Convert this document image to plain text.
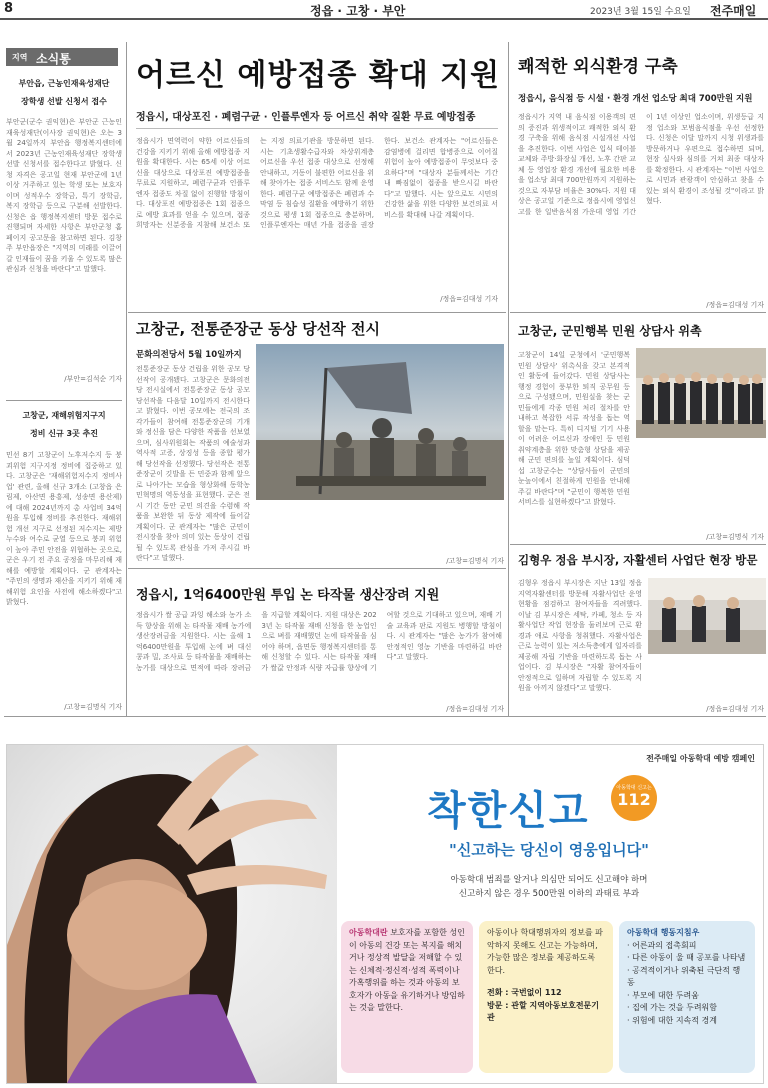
8	정읍 · 고창 · 부안	2023년 3월 15일 수요일 전주매일
지역 소식통
부안읍, 근농인재육성재단
장학생 선발 신청서 접수
부안군(군수 권익현)은 부안군 근농인재육성재단(이사장 권익현)은 오는 3월 24일까지 부안읍 행정복지센터에서 2023년 근농인재육성재단 장학생 선발 신청서를 접수한다고 밝혔다. 신청 자격은 공고일 현재 부안군에 1년 이상 거주하고 있는 학생 또는 보호자이며 성적우수 장학금, 특기 장학금, 복지 장학금 등으로 구분해 선발한다. 신청은 읍 행정복지센터 방문 접수로 진행되며 자세한 사항은 부안군청 홈페이지 공고문을 참고하면 된다. 김창주 부안읍장은 "지역의 미래를 이끌어갈 인재들이 꿈을 키울 수 있도록 많은 관심과 신청을 바란다"고 말했다.
/부안=김석순 기자
고창군, 재해위험지구지
정비 신규 3곳 추진
민선 8기 고창군이 노후저수지 등 붕괴위험 지구지정 정비에 집중하고 있다. 고창군은 '재해위험저수지 정비사업' 관련, 올해 신규 3개소 (고창읍 은림제, 아산면 용흥제, 성송면 용산제)에 대해 2024년까지 총 사업비 34억원을 투입해 정비를 추진한다. 재해위험 개선 지구로 선정된 저수지는 제방 누수와 여수로 균열 등으로 붕괴 위험이 높아 주민 안전을 위협하는 곳으로, 군은 우기 전 주요 공정을 마무리해 재해를 예방할 계획이다. 군 관계자는 "주민의 생명과 재산을 지키기 위해 재해위험 요인을 사전에 해소하겠다"고 밝혔다.
/고창=김명식 기자
어르신 예방접종 확대 지원
정읍시, 대상포진 · 폐렴구균 · 인플루엔자 등 어르신 취약 질환 무료 예방접종
정읍시가 면역력이 약한 어르신들의 건강을 지키기 위해 올해 예방접종 지원을 확대한다. 시는 65세 이상 어르신을 대상으로 대상포진 예방접종을 무료로 지원하고, 폐렴구균과 인플루엔자 접종도 차질 없이 진행할 방침이다. 대상포진 예방접종은 1회 접종으로 예방 효과를 얻을 수 있으며, 접종 희망자는 신분증을 지참해 보건소 또는 지정 의료기관을 방문하면 된다. 시는 기초생활수급자와 차상위계층 어르신을 우선 접종 대상으로 선정해 안내하고, 거동이 불편한 어르신을 위해 찾아가는 접종 서비스도 함께 운영한다. 폐렴구균 예방접종은 폐렴과 수막염 등 침습성 질환을 예방하기 위한 것으로 평생 1회 접종으로 충분하며, 인플루엔자는 매년 가을 접종을 권장한다. 보건소 관계자는 "어르신들은 감염병에 걸리면 합병증으로 이어질 위험이 높아 예방접종이 무엇보다 중요하다"며 "대상자 분들께서는 기간 내 빠짐없이 접종을 받으시길 바란다"고 말했다. 시는 앞으로도 시민의 건강한 삶을 위한 다양한 보건의료 서비스를 확대해 나갈 계획이다.
/정읍=김대성 기자
쾌적한 외식환경 구축
정읍시, 음식점 등 시설 · 환경 개선 업소당 최대 700만원 지원
정읍시가 지역 내 음식점 이용객의 편의 증진과 위생적이고 쾌적한 외식 환경 구축을 위해 음식점 시설개선 사업을 추진한다. 이번 사업은 입식 테이블 교체와 주방·화장실 개선, 노후 간판 교체 등 영업장 환경 개선에 필요한 비용을 업소당 최대 700만원까지 지원하는 것으로 자부담 비율은 30%다. 지원 대상은 공고일 기준으로 정읍시에 영업신고를 한 일반음식점 가운데 영업 기간이 1년 이상인 업소이며, 위생등급 지정 업소와 모범음식점을 우선 선정한다. 신청은 이달 말까지 시청 위생과를 방문하거나 우편으로 접수하면 되며, 현장 실사와 심의를 거쳐 최종 대상자를 확정한다. 시 관계자는 "이번 사업으로 시민과 관광객이 안심하고 찾을 수 있는 외식 환경이 조성될 것"이라고 밝혔다.
/정읍=김대성 기자
고창군, 전통준장군 동상 당선작 전시
문화의전당서 5월 10일까지
전통준장군 동상 건립을 위한 공모 당선작이 공개됐다. 고창군은 문화의전당 전시실에서 전통준장군 동상 공모 당선작을 다음달 10일까지 전시한다고 밝혔다. 이번 공모에는 전국의 조각가들이 참여해 전통준장군의 기개와 정신을 담은 다양한 작품을 선보였으며, 심사위원회는 작품의 예술성과 역사적 고증, 상징성 등을 종합 평가해 당선작을 선정했다. 당선작은 전통준장군이 깃발을 든 민중과 함께 앞으로 나아가는 모습을 형상화해 동학농민혁명의 역동성을 표현했다. 군은 전시 기간 동안 군민 의견을 수렴해 작품을 보완한 뒤 동상 제작에 들어갈 계획이다. 군 관계자는 "많은 군민이 전시장을 찾아 의미 있는 동상이 건립될 수 있도록 관심을 가져 주시길 바란다"고 말했다.	/고창=김명식 기자
고창군, 군민행복 민원 상담사 위촉
고창군이 14일 군청에서 '군민행복 민원 상담사' 위촉식을 갖고 본격적인 활동에 들어갔다. 민원 상담사는 행정 경험이 풍부한 퇴직 공무원 등으로 구성됐으며, 민원실을 찾는 군민들에게 각종 민원 처리 절차를 안내하고 복잡한 서류 작성을 돕는 역할을 맡는다. 특히 디지털 기기 사용이 어려운 어르신과 장애인 등 민원 취약계층을 위한 맞춤형 상담을 제공해 군민 편의를 높일 계획이다. 심덕섭 고창군수는 "상담사들이 군민의 눈높이에서 친절하게 민원을 안내해 주길 바란다"며 "군민이 행복한 민원 서비스를 실현하겠다"고 밝혔다.
/고창=김명식 기자
정읍시, 1억6400만원 투입 논 타작물 생산장려 지원
정읍시가 쌀 공급 과잉 해소와 농가 소득 향상을 위해 논 타작물 재배 농가에 생산장려금을 지원한다. 시는 올해 1억6400만원을 투입해 논에 벼 대신 콩과 밀, 조사료 등 타작물을 재배하는 농가를 대상으로 면적에 따라 장려금을 지급할 계획이다. 지원 대상은 2023년 논 타작물 재배 신청을 한 농업인으로 벼를 재배했던 논에 타작물을 심어야 하며, 읍면동 행정복지센터를 통해 신청할 수 있다. 시는 타작물 재배가 쌀값 안정과 식량 자급률 향상에 기여할 것으로 기대하고 있으며, 재배 기술 교육과 판로 지원도 병행할 방침이다. 시 관계자는 "많은 농가가 참여해 안정적인 영농 기반을 마련하길 바란다"고 말했다.
/정읍=김대성 기자
김형우 정읍 부시장, 자활센터 사업단 현장 방문
김형우 정읍시 부시장은 지난 13일 정읍지역자활센터를 방문해 자활사업단 운영 현황을 점검하고 참여자들을 격려했다. 이날 김 부시장은 세탁, 카페, 청소 등 자활사업단 작업 현장을 둘러보며 근로 환경과 애로 사항을 청취했다. 자활사업은 근로 능력이 있는 저소득층에게 일자리를 제공해 자립 기반을 마련하도록 돕는 사업이다. 김 부시장은 "자활 참여자들이 안정적으로 일하며 자립할 수 있도록 지원을 아끼지 않겠다"고 말했다.
/정읍=김대성 기자
전주매일 아동학대 예방 캠페인
착한신고	아동학대 신고는
112
"신고하는 당신이 영웅입니다"
아동학대 범죄를 알거나 의심만 되어도 신고해야 하며
신고하지 않은 경우 500만원 이하의 과태료 부과
아동학대란 보호자를 포함한 성인이 아동의 건강 또는 복지를 해치거나 정상적 발달을 저해할 수 있는 신체적·정신적·성적 폭력이나 가혹행위를 하는 것과 아동의 보호자가 아동을 유기하거나 방임하는 것을 말한다.
아동이나 학대행위자의 정보를 파악하지 못해도 신고는 가능하며, 가능한 많은 정보를 제공하도록 한다.
전화 : 국번없이 112
방문 : 관할 지역아동보호전문기관
아동학대 행동지침우
· 어른과의 접촉회피
· 다른 아동이 울 때 공포를 나타냄
· 공격적이거나 위축된 극단적 행동
· 부모에 대한 두려움
· 집에 가는 것을 두려워함
· 위험에 대한 지속적 경계
